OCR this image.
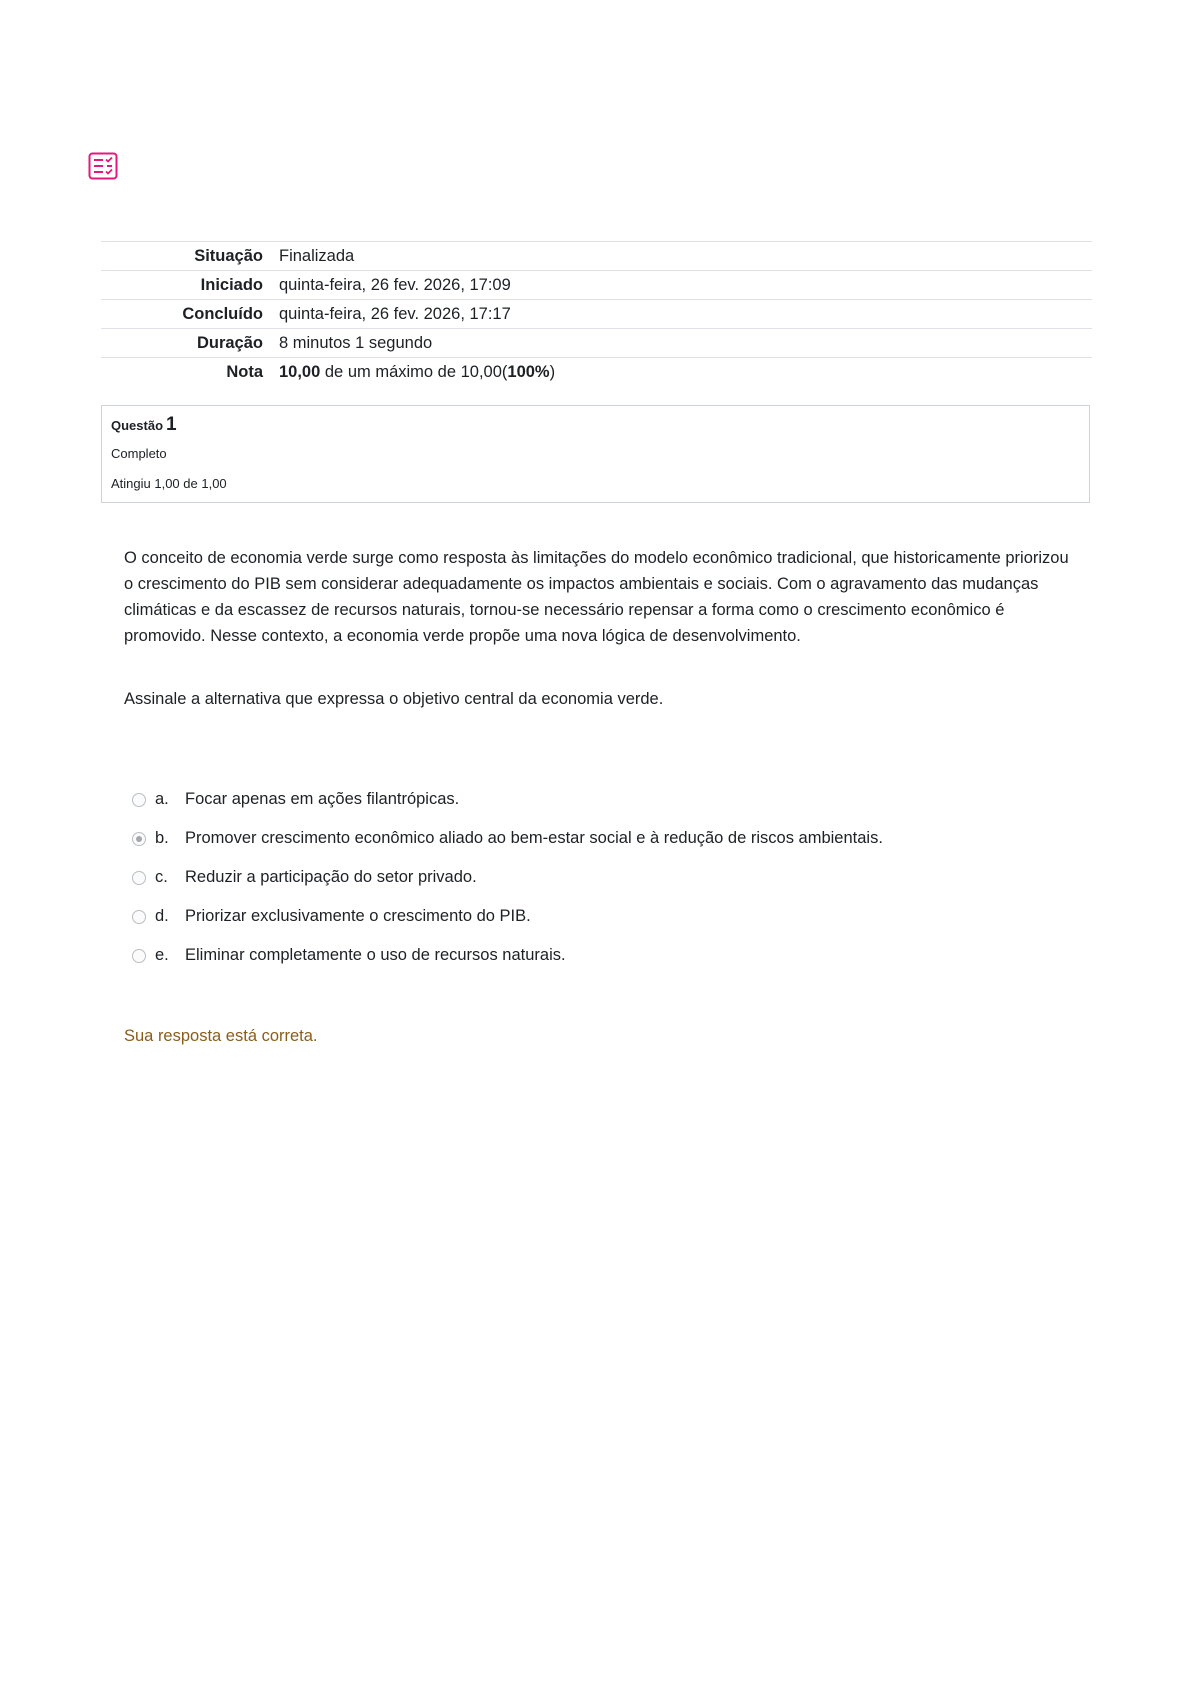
Situação	Finalizada
Iniciado	quinta-feira, 26 fev. 2026, 17:09
Concluído	quinta-feira, 26 fev. 2026, 17:17
Duração	8 minutos 1 segundo
Nota	10,00 de um máximo de 10,00(100%)
Questão 1
Completo
Atingiu 1,00 de 1,00
O conceito de economia verde surge como resposta às limitações do modelo econômico tradicional, que historicamente priorizou o crescimento do PIB sem considerar adequadamente os impactos ambientais e sociais. Com o agravamento das mudanças climáticas e da escassez de recursos naturais, tornou-se necessário repensar a forma como o crescimento econômico é promovido. Nesse contexto, a economia verde propõe uma nova lógica de desenvolvimento.
Assinale a alternativa que expressa o objetivo central da economia verde.
a. Focar apenas em ações filantrópicas.
b. Promover crescimento econômico aliado ao bem-estar social e à redução de riscos ambientais.
c.	Reduzir a participação do setor privado.
d. Priorizar exclusivamente o crescimento do PIB.
e. Eliminar completamente o uso de recursos naturais.
Sua resposta está correta.
